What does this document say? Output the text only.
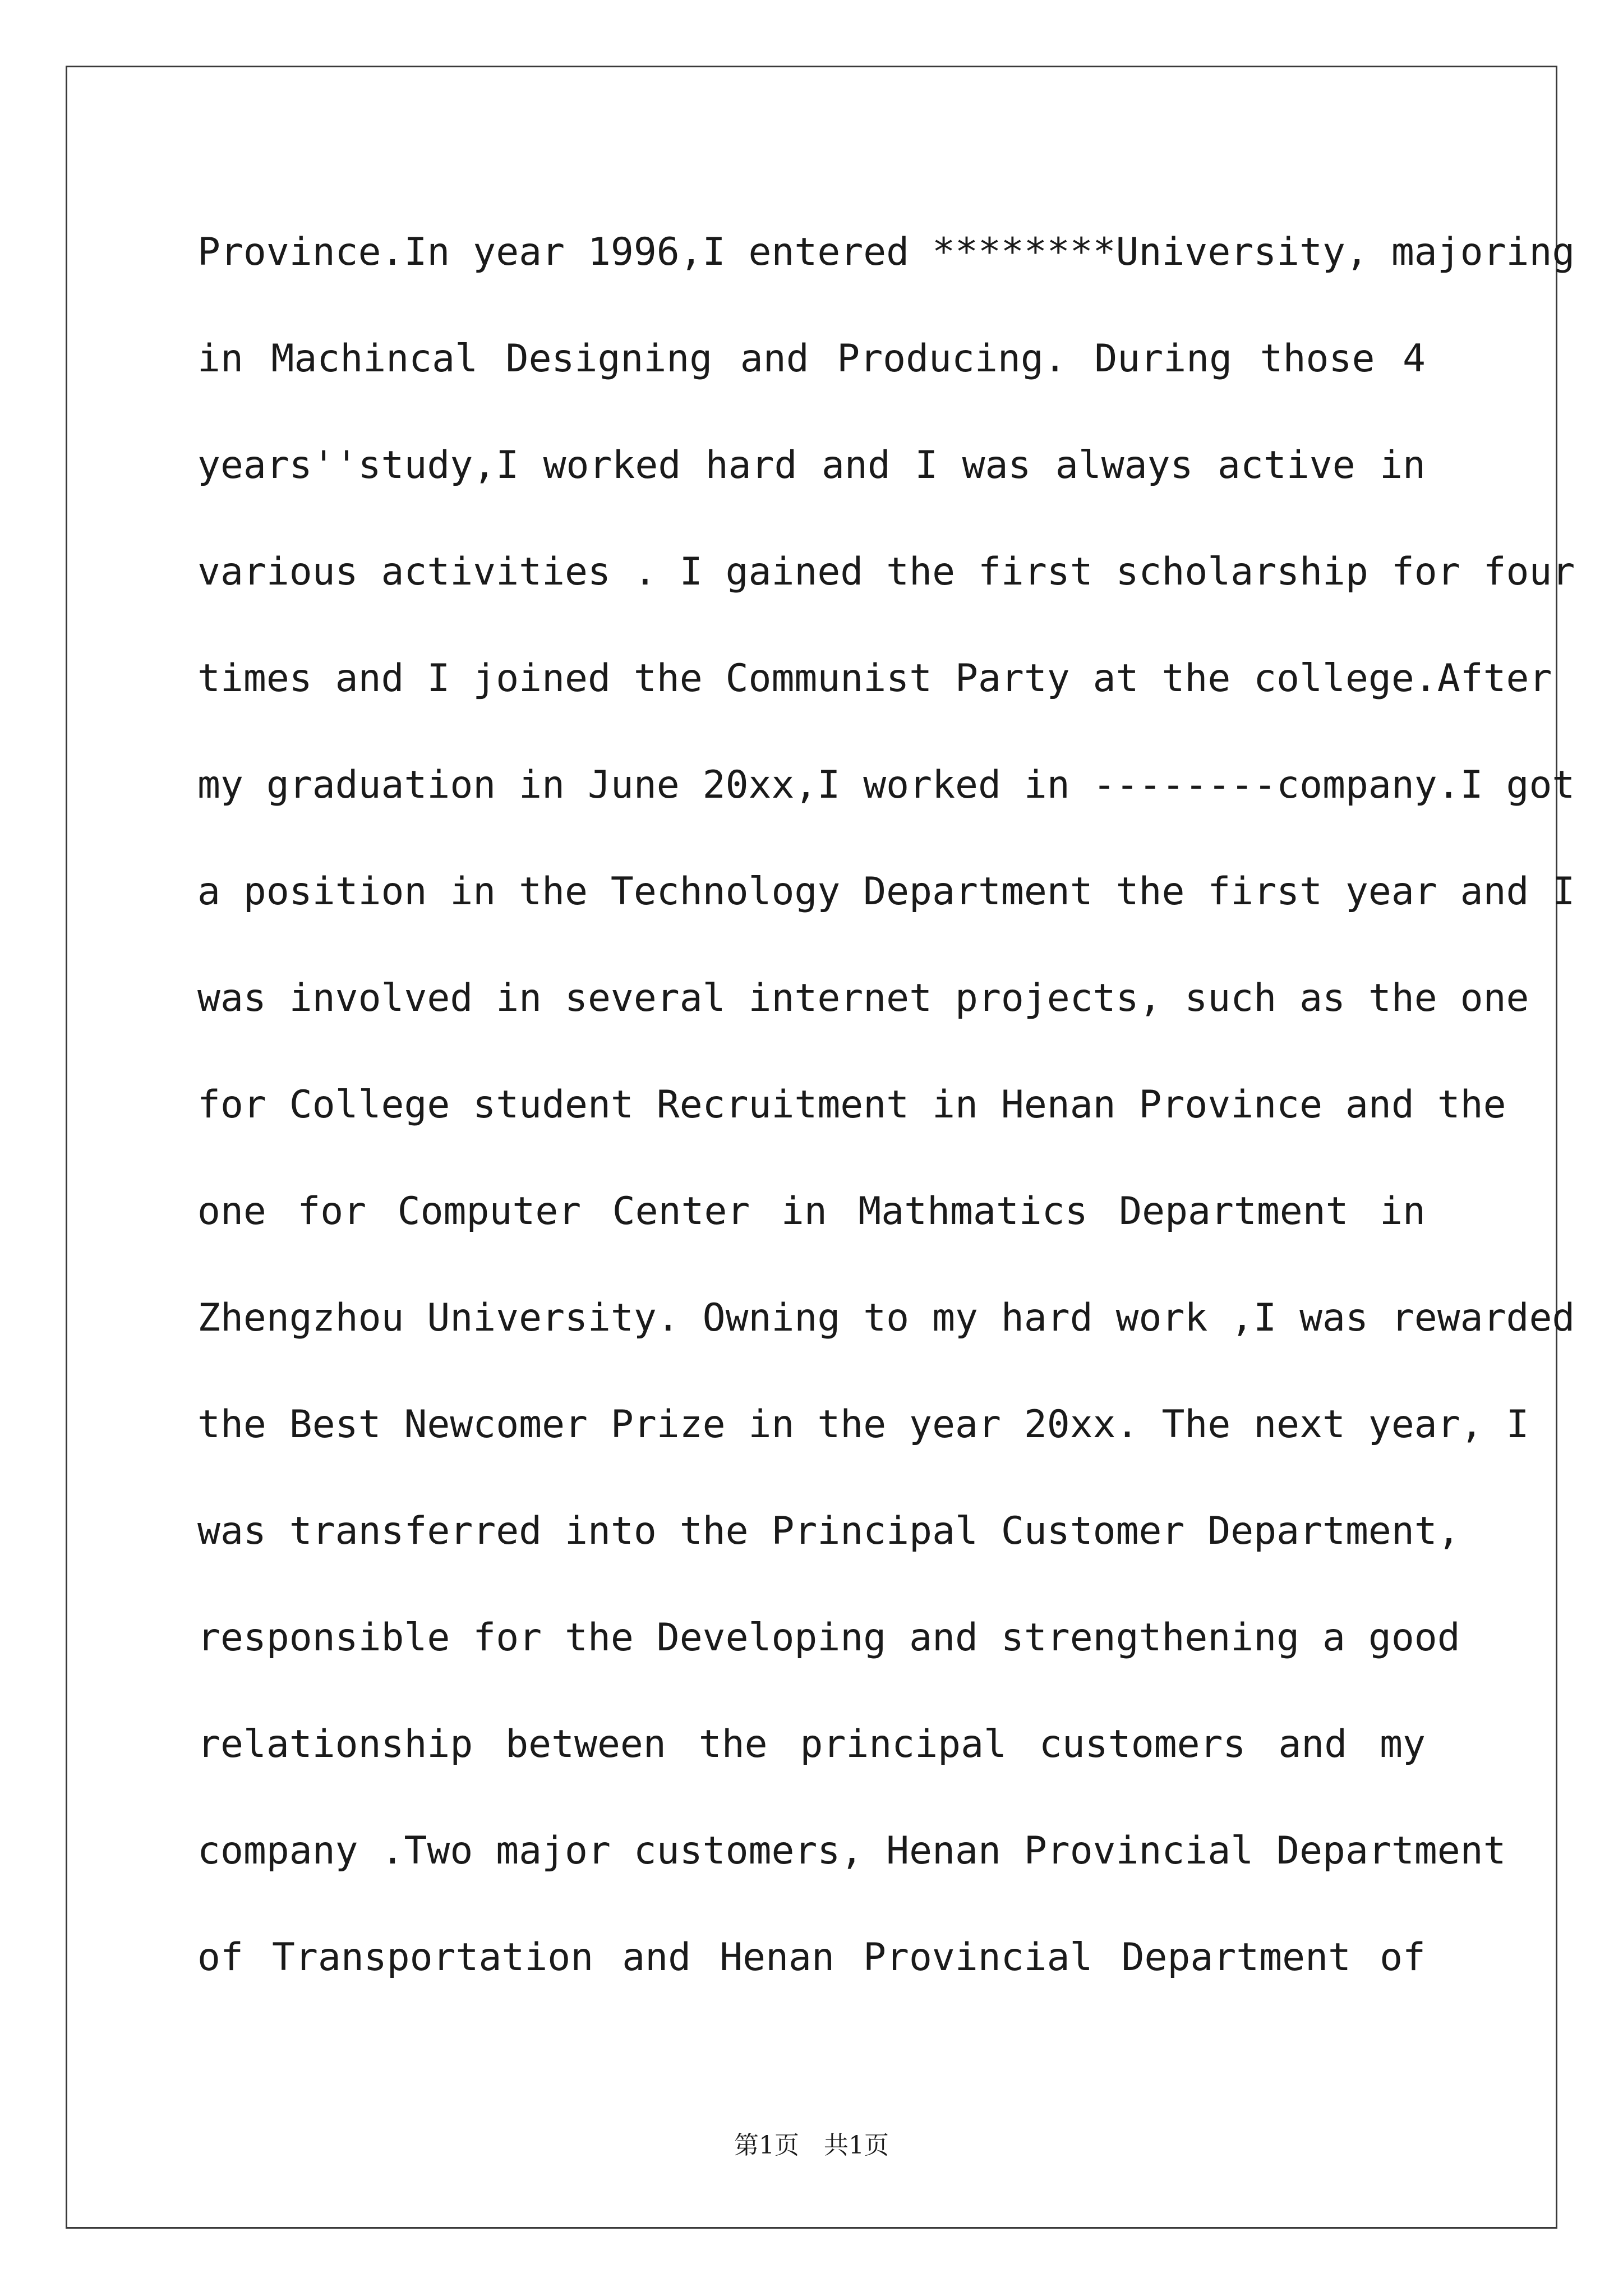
Province.In year 1996,I entered ********University, majoring
in Machincal Designing and Producing. During those 4
years''study,I worked hard and I was always active in
various activities . I gained the first scholarship for four
times and I joined the Communist Party at the college.After
my graduation in June 20xx,I worked in --------company.I got
a position in the Technology Department the first year and I
was involved in several internet projects, such as the one
for College student Recruitment in Henan Province and the
one for Computer Center in Mathmatics Department in
Zhengzhou University. Owning to my hard work ,I was rewarded
the Best Newcomer Prize in the year 20xx. The next year, I
was transferred into the Principal Customer Department,
responsible for the Developing and strengthening a good
relationship between the principal customers and my
company .Two major customers, Henan Provincial Department
of Transportation and Henan Provincial Department of
第1页　共1页
